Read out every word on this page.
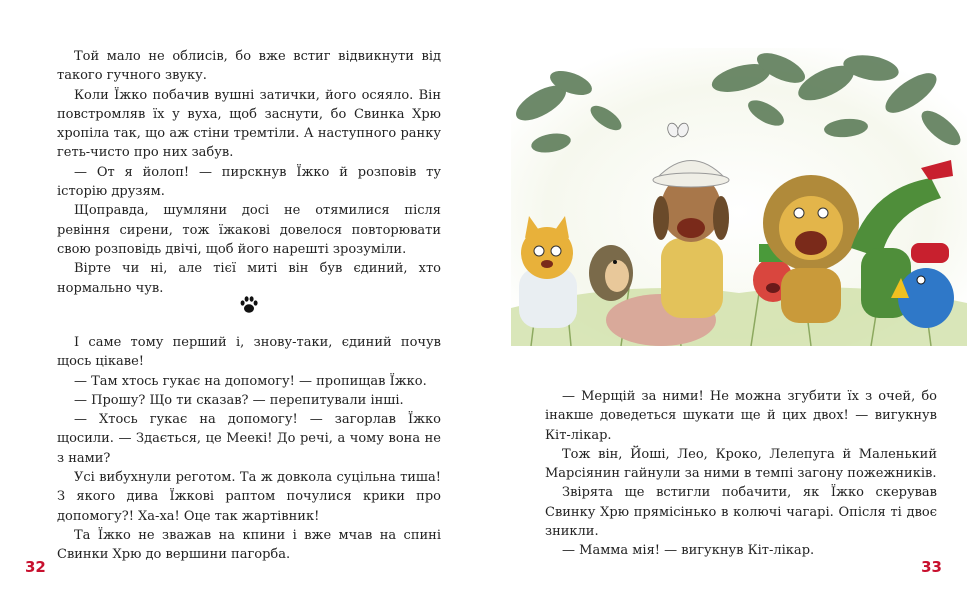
Той мало не облисів, бо вже встиг відвикнути від такого гучного звуку.

Коли Їжко побачив вушні затички, його осяяло. Він повстромляв їх у вуха, щоб заснути, бо Свинка Хрю хропіла так, що аж стіни тремтіли. А наступного ранку геть-чисто про них забув.

— От я йолоп! — пирскнув Їжко й розповів ту історію друзям.

Щоправда, шумляни досі не отямилися після ревіння сирени, тож їжакові довелося повторювати свою розповідь двічі, щоб його нарешті зрозуміли.

Вірте чи ні, але тієї миті він був єдиний, хто нормально чув.

І саме тому перший і, знову-таки, єдиний почув щось цікаве!

— Там хтось гукає на допомогу! — пропищав Їжко.

— Прошу? Що ти сказав? — перепитували інші.

— Хтось гукає на допомогу! — загорлав Їжко щосили. — Здається, це Меекі! До речі, а чому вона не з нами?

Усі вибухнули реготом. Та ж довкола суцільна тиша! З якого дива Їжкові раптом почулися крики про допомогу?! Ха-ха! Оце так жартівник!

Та Їжко не зважав на кпини і вже мчав на спині Свинки Хрю до вершини пагорба.

32

— Мерщій за ними! Не можна згубити їх з очей, бо інакше доведеться шукати ще й цих двох! — вигукнув Кіт-лікар.

Тож він, Йоші, Лео, Кроко, Лелепуга й Маленький Марсіянин гайнули за ними в темпі загону пожежників.

Звірята ще встигли побачити, як Їжко скерував Свинку Хрю прямісінько в колючі чагарі. Опісля ті двоє зникли.

— Мамма мія! — вигукнув Кіт-лікар.

33
